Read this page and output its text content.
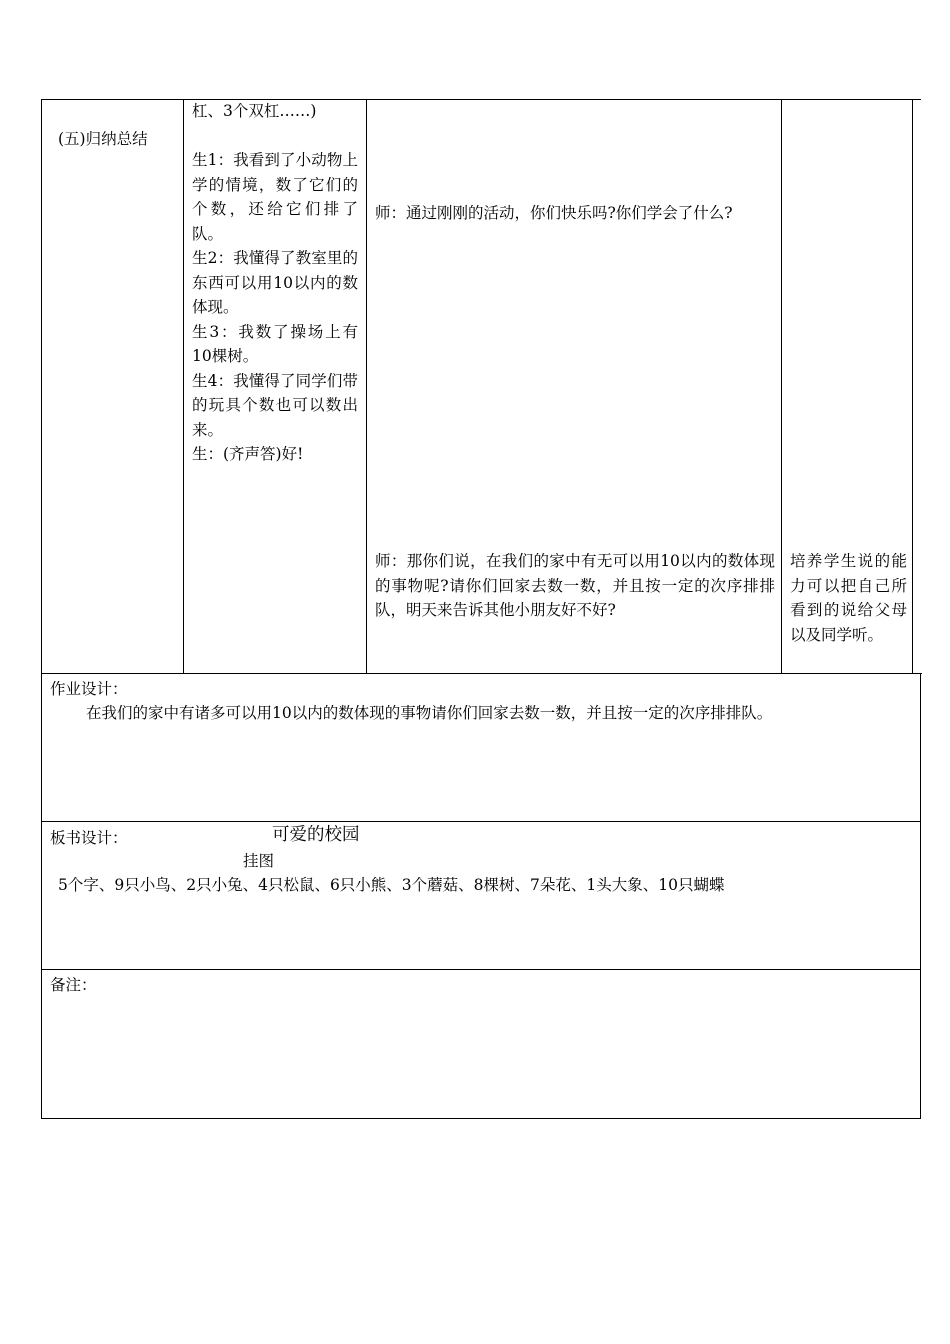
(五)归纳总结

杠、3个双杠……)

生1：我看到了小动物上学的情境，数了它们的个数，还给它们排了队。

生2：我懂得了教室里的东西可以用10以内的数体现。

生3：我数了操场上有10棵树。

生4：我懂得了同学们带的玩具个数也可以数出来。

生：(齐声答)好!

师：通过刚刚的活动，你们快乐吗?你们学会了什么?
师：那你们说，在我们的家中有无可以用10以内的数体现的事物呢?请你们回家去数一数，并且按一定的次序排排队，明天来告诉其他小朋友好不好?
培养学生说的能力可以把自己所看到的说给父母以及同学听。
作业设计：
在我们的家中有诸多可以用10以内的数体现的事物请你们回家去数一数，并且按一定的次序排排队。
板书设计：	可爱的校园
挂图
5个字、9只小鸟、2只小兔、4只松鼠、6只小熊、3个蘑菇、8棵树、7朵花、1头大象、10只蝴蝶
备注：
